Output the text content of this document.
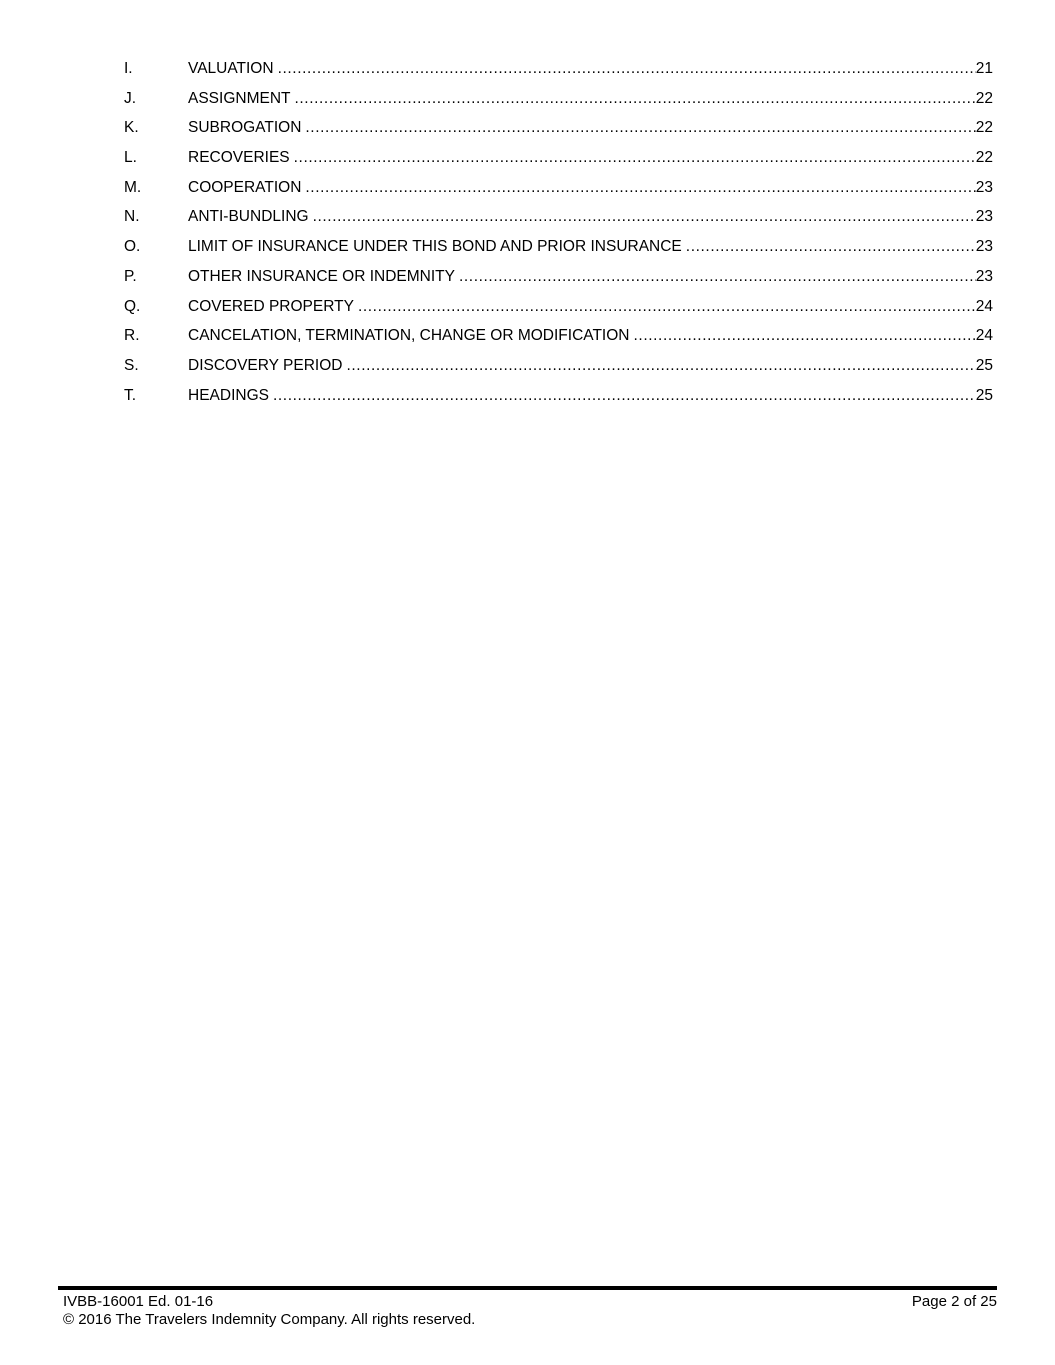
I.	VALUATION .....	21
J.	ASSIGNMENT .....	22
K.	SUBROGATION .....	22
L.	RECOVERIES .....	22
M.	COOPERATION .....	23
N.	ANTI-BUNDLING .....	23
O.	LIMIT OF INSURANCE UNDER THIS BOND AND PRIOR INSURANCE .....	23
P.	OTHER INSURANCE OR INDEMNITY .....	23
Q.	COVERED PROPERTY .....	24
R.	CANCELATION, TERMINATION, CHANGE OR MODIFICATION .....	24
S.	DISCOVERY PERIOD .....	25
T.	HEADINGS .....	25
IVBB-16001 Ed. 01-16	Page 2 of 25
© 2016 The Travelers Indemnity Company. All rights reserved.
